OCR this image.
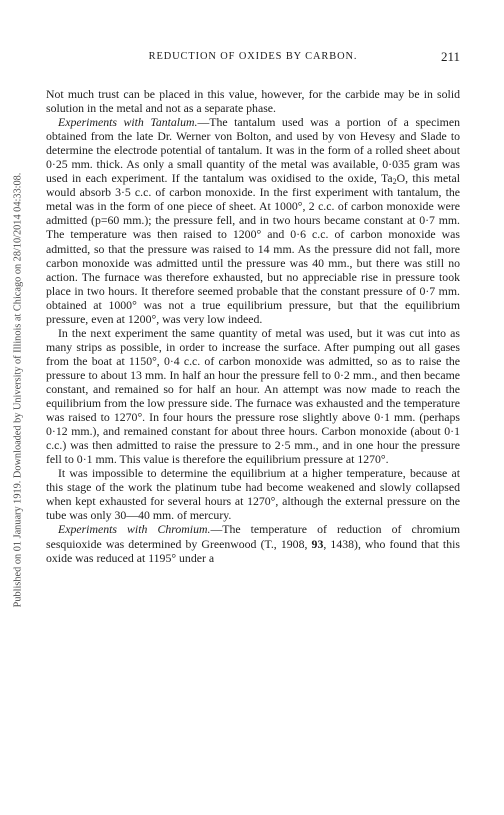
REDUCTION OF OXIDES BY CARBON.	211
Published on 01 January 1919. Downloaded by University of Illinois at Chicago on 28/10/2014 04:33:08.

Not much trust can be placed in this value, however, for the carbide may be in solid solution in the metal and not as a separate phase.

Experiments with Tantalum.—The tantalum used was a portion of a specimen obtained from the late Dr. Werner von Bolton, and used by von Hevesy and Slade to determine the electrode potential of tantalum. It was in the form of a rolled sheet about 0·25 mm. thick. As only a small quantity of the metal was available, 0·035 gram was used in each experiment. If the tantalum was oxidised to the oxide, $Ta_2O$, this metal would absorb 3·5 c.c. of carbon monoxide. In the first experiment with tantalum, the metal was in the form of one piece of sheet. At 1000°, 2 c.c. of carbon monoxide were admitted (p=60 mm.); the pressure fell, and in two hours became constant at 0·7 mm. The temperature was then raised to 1200° and 0·6 c.c. of carbon monoxide was admitted, so that the pressure was raised to 14 mm. As the pressure did not fall, more carbon monoxide was admitted until the pressure was 40 mm., but there was still no action. The furnace was therefore exhausted, but no appreciable rise in pressure took place in two hours. It therefore seemed probable that the constant pressure of 0·7 mm. obtained at 1000° was not a true equilibrium pressure, but that the equilibrium pressure, even at 1200°, was very low indeed.

In the next experiment the same quantity of metal was used, but it was cut into as many strips as possible, in order to increase the surface. After pumping out all gases from the boat at 1150°, 0·4 c.c. of carbon monoxide was admitted, so as to raise the pressure to about 13 mm. In half an hour the pressure fell to 0·2 mm., and then became constant, and remained so for half an hour. An attempt was now made to reach the equilibrium from the low pressure side. The furnace was exhausted and the temperature was raised to 1270°. In four hours the pressure rose slightly above 0·1 mm. (perhaps 0·12 mm.), and remained constant for about three hours. Carbon monoxide (about 0·1 c.c.) was then admitted to raise the pressure to 2·5 mm., and in one hour the pressure fell to 0·1 mm. This value is therefore the equilibrium pressure at 1270°.

It was impossible to determine the equilibrium at a higher temperature, because at this stage of the work the platinum tube had become weakened and slowly collapsed when kept exhausted for several hours at 1270°, although the external pressure on the tube was only 30—40 mm. of mercury.

Experiments with Chromium.—The temperature of reduction of chromium sesquioxide was determined by Greenwood (T., 1908, 93, 1438), who found that this oxide was reduced at 1195° under a
